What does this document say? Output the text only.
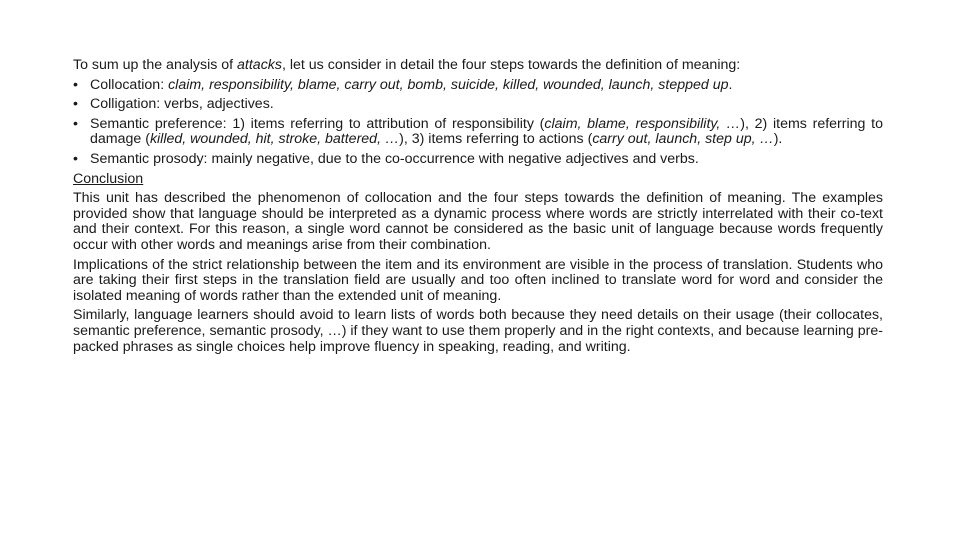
To sum up the analysis of attacks, let us consider in detail the four steps towards the definition of meaning:

• Collocation: claim, responsibility, blame, carry out, bomb, suicide, killed, wounded, launch, stepped up.
• Colligation: verbs, adjectives.
• Semantic preference: 1) items referring to attribution of responsibility (claim, blame, responsibility, …), 2) items referring to damage (killed, wounded, hit, stroke, battered, …), 3) items referring to actions (carry out, launch, step up, …).
• Semantic prosody: mainly negative, due to the co-occurrence with negative adjectives and verbs.

Conclusion

This unit has described the phenomenon of collocation and the four steps towards the definition of meaning. The examples provided show that language should be interpreted as a dynamic process where words are strictly interrelated with their co-text and their context. For this reason, a single word cannot be considered as the basic unit of language because words frequently occur with other words and meanings arise from their combination.

Implications of the strict relationship between the item and its environment are visible in the process of translation. Students who are taking their first steps in the translation field are usually and too often inclined to translate word for word and consider the isolated meaning of words rather than the extended unit of meaning.

Similarly, language learners should avoid to learn lists of words both because they need details on their usage (their collocates, semantic preference, semantic prosody, …) if they want to use them properly and in the right contexts, and because learning pre-packed phrases as single choices help improve fluency in speaking, reading, and writing.
